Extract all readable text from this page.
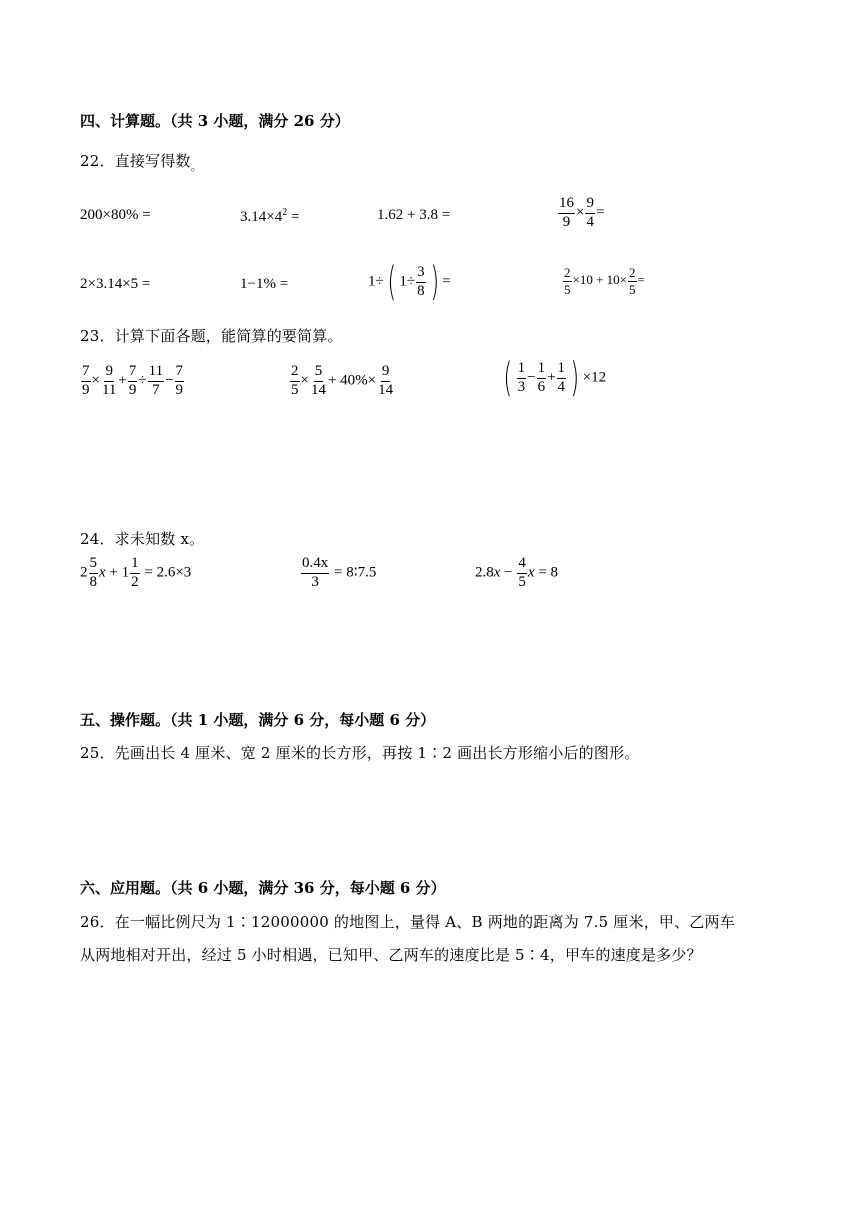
四、计算题。（共 3 小题，满分 26 分）
22．直接写得数$_。$
200×80% =	$3.14\times 4^2$ =	1.62 + 3.8 =	$\frac{16}{9} \times \frac{9}{4}$ =
2×3.14×5 =	1−1% =	1÷( $1\div \frac{3}{8}$ ) =	$\frac{2}{5} \times 10 + 10\times \frac{2}{5}$ =
23．计算下面各题，能简算的要简算。
$\frac{7}{9} \times \frac{9}{11} + \frac{7}{9} \div \frac{11}{7} - \frac{7}{9}$	$\frac{2}{5} \times \frac{5}{14} + 40\%\times \frac{9}{14}$	( $\frac{1}{3} - \frac{1}{6} + \frac{1}{4}$ ) ×12
24．求未知数 x。
$2 \frac{5}{8}$ $x + 1 \frac{1}{2} = 2.6\times 3$	$\frac{0.4x}{3}$ = 8∶7.5	$2.8x - \frac{4}{5}$ x = 8
五、操作题。（共 1 小题，满分 6 分，每小题 6 分）
25．先画出长 4 厘米、宽 2 厘米的长方形，再按 1∶2 画出长方形缩小后的图形。
六、应用题。（共 6 小题，满分 36 分，每小题 6 分）
26．在一幅比例尺为 1∶12000000 的地图上，量得 A、B 两地的距离为 7.5 厘米，甲、乙两车
从两地相对开出，经过 5 小时相遇，已知甲、乙两车的速度比是 5∶4，甲车的速度是多少？
